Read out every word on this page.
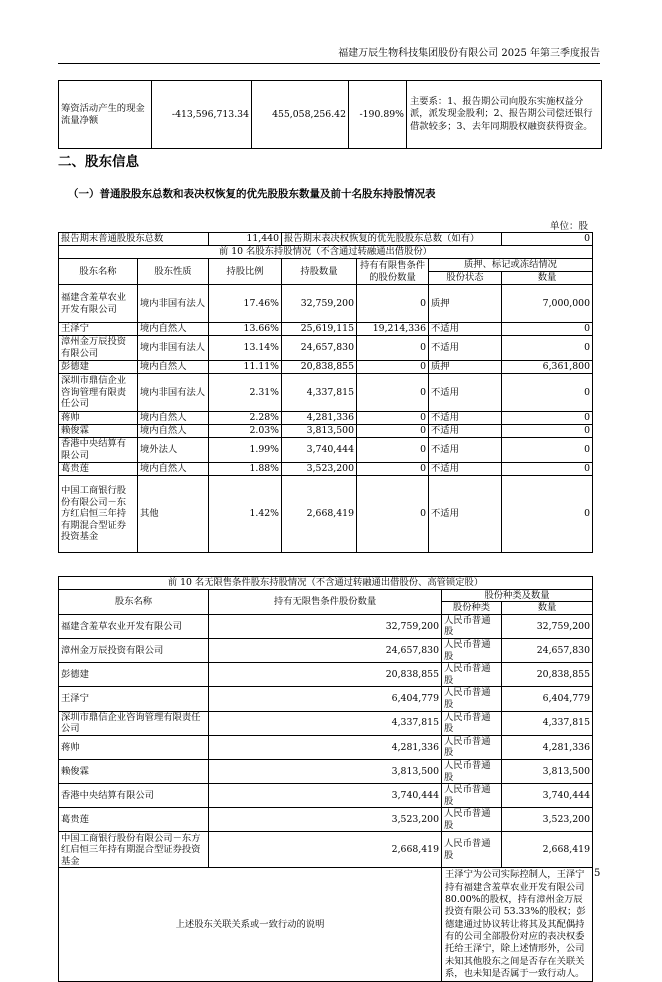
福建万辰生物科技集团股份有限公司 2025 年第三季度报告
筹资活动产生的现金流量净额	-413,596,713.34	455,058,256.42	-190.89%	主要系：1、报告期公司向股东实施权益分派，派发现金股利；2、报告期公司偿还银行借款较多；3、去年同期股权融资获得资金。
二、股东信息
（一）普通股股东总数和表决权恢复的优先股股东数量及前十名股东持股情况表
单位：股
报告期末普通股股东总数		11,440	报告期末表决权恢复的优先股股东总数（如有）			0
前 10 名股东持股情况（不含通过转融通出借股份）						
股东名称	股东性质	持股比例	持股数量	持有有限售条件的股份数量	质押、标记或冻结情况	
					股份状态	数量
福建含羞草农业开发有限公司	境内非国有法人	17.46%	32,759,200	0	质押	7,000,000
王泽宁	境内自然人	13.66%	25,619,115	19,214,336	不适用	0
漳州金万辰投资有限公司	境内非国有法人	13.14%	24,657,830	0	不适用	0
彭德建	境内自然人	11.11%	20,838,855	0	质押	6,361,800
深圳市鼎信企业咨询管理有限责任公司	境内非国有法人	2.31%	4,337,815	0	不适用	0
蒋帅	境内自然人	2.28%	4,281,336	0	不适用	0
赖俊霖	境内自然人	2.03%	3,813,500	0	不适用	0
香港中央结算有限公司	境外法人	1.99%	3,740,444	0	不适用	0
葛贵莲	境内自然人	1.88%	3,523,200	0	不适用	0
中国工商银行股份有限公司－东方红启恒三年持有期混合型证券投资基金	其他	1.42%	2,668,419	0	不适用	0
前 10 名无限售条件股东持股情况（不含通过转融通出借股份、高管锁定股）			
股东名称	持有无限售条件股份数量	股份种类及数量	
		股份种类	数量
福建含羞草农业开发有限公司	32,759,200	人民币普通股	32,759,200
漳州金万辰投资有限公司	24,657,830	人民币普通股	24,657,830
彭德建	20,838,855	人民币普通股	20,838,855
王泽宁	6,404,779	人民币普通股	6,404,779
深圳市鼎信企业咨询管理有限责任公司	4,337,815	人民币普通股	4,337,815
蒋帅	4,281,336	人民币普通股	4,281,336
赖俊霖	3,813,500	人民币普通股	3,813,500
香港中央结算有限公司	3,740,444	人民币普通股	3,740,444
葛贵莲	3,523,200	人民币普通股	3,523,200
中国工商银行股份有限公司－东方红启恒三年持有期混合型证券投资基金	2,668,419	人民币普通股	2,668,419
上述股东关联关系或一致行动的说明		王泽宁为公司实际控制人，王泽宁持有福建含羞草农业开发有限公司 80.00%的股权，持有漳州金万辰投资有限公司 53.33%的股权；彭德建通过协议转让将其及其配偶持有的公司全部股份对应的表决权委托给王泽宁，除上述情形外，公司未知其他股东之间是否存在关联关系，也未知是否属于一致行动人。	
5
